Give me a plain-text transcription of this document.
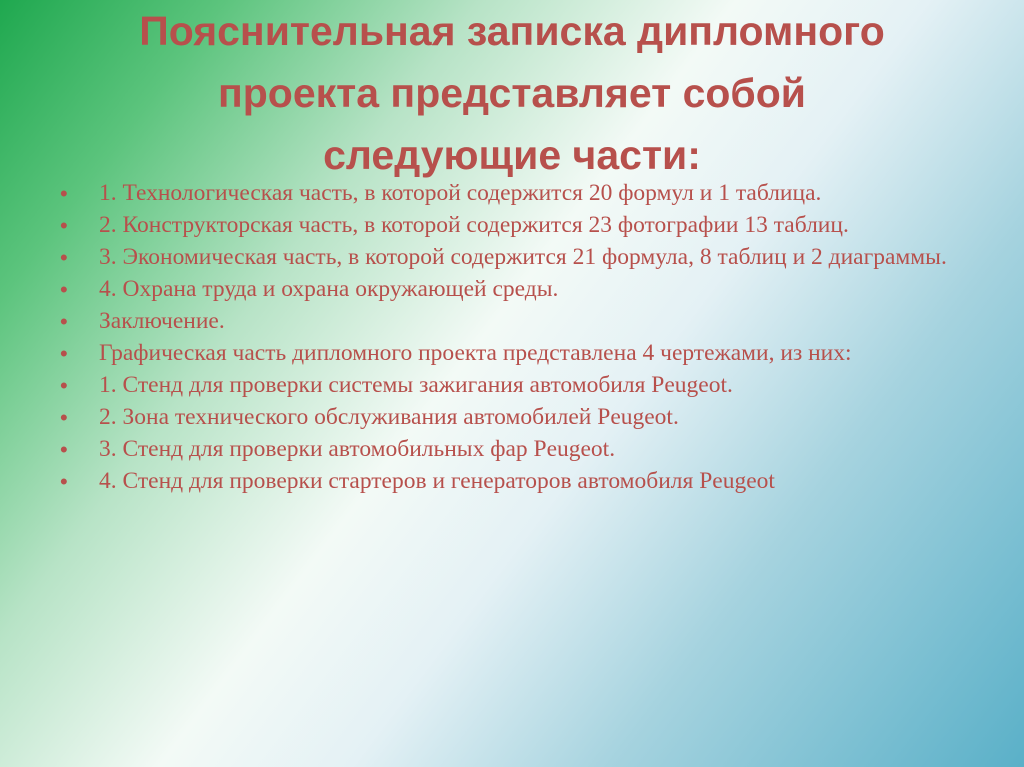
Пояснительная записка дипломного
проекта представляет собой
следующие части:
• 1. Технологическая часть, в которой содержится 20 формул и 1 таблица.
• 2. Конструкторская часть, в которой содержится 23 фотографии 13 таблиц.
• 3. Экономическая часть, в которой содержится 21 формула, 8 таблиц и 2 диаграммы.
• 4. Охрана труда и охрана окружающей среды.
• Заключение.
• Графическая часть дипломного проекта представлена 4 чертежами, из них:
• 1. Стенд для проверки системы зажигания автомобиля Peugeot.
• 2. Зона технического обслуживания автомобилей Peugeot.
• 3. Стенд для проверки автомобильных фар Peugeot.
• 4. Стенд для проверки стартеров и генераторов автомобиля Peugeot
